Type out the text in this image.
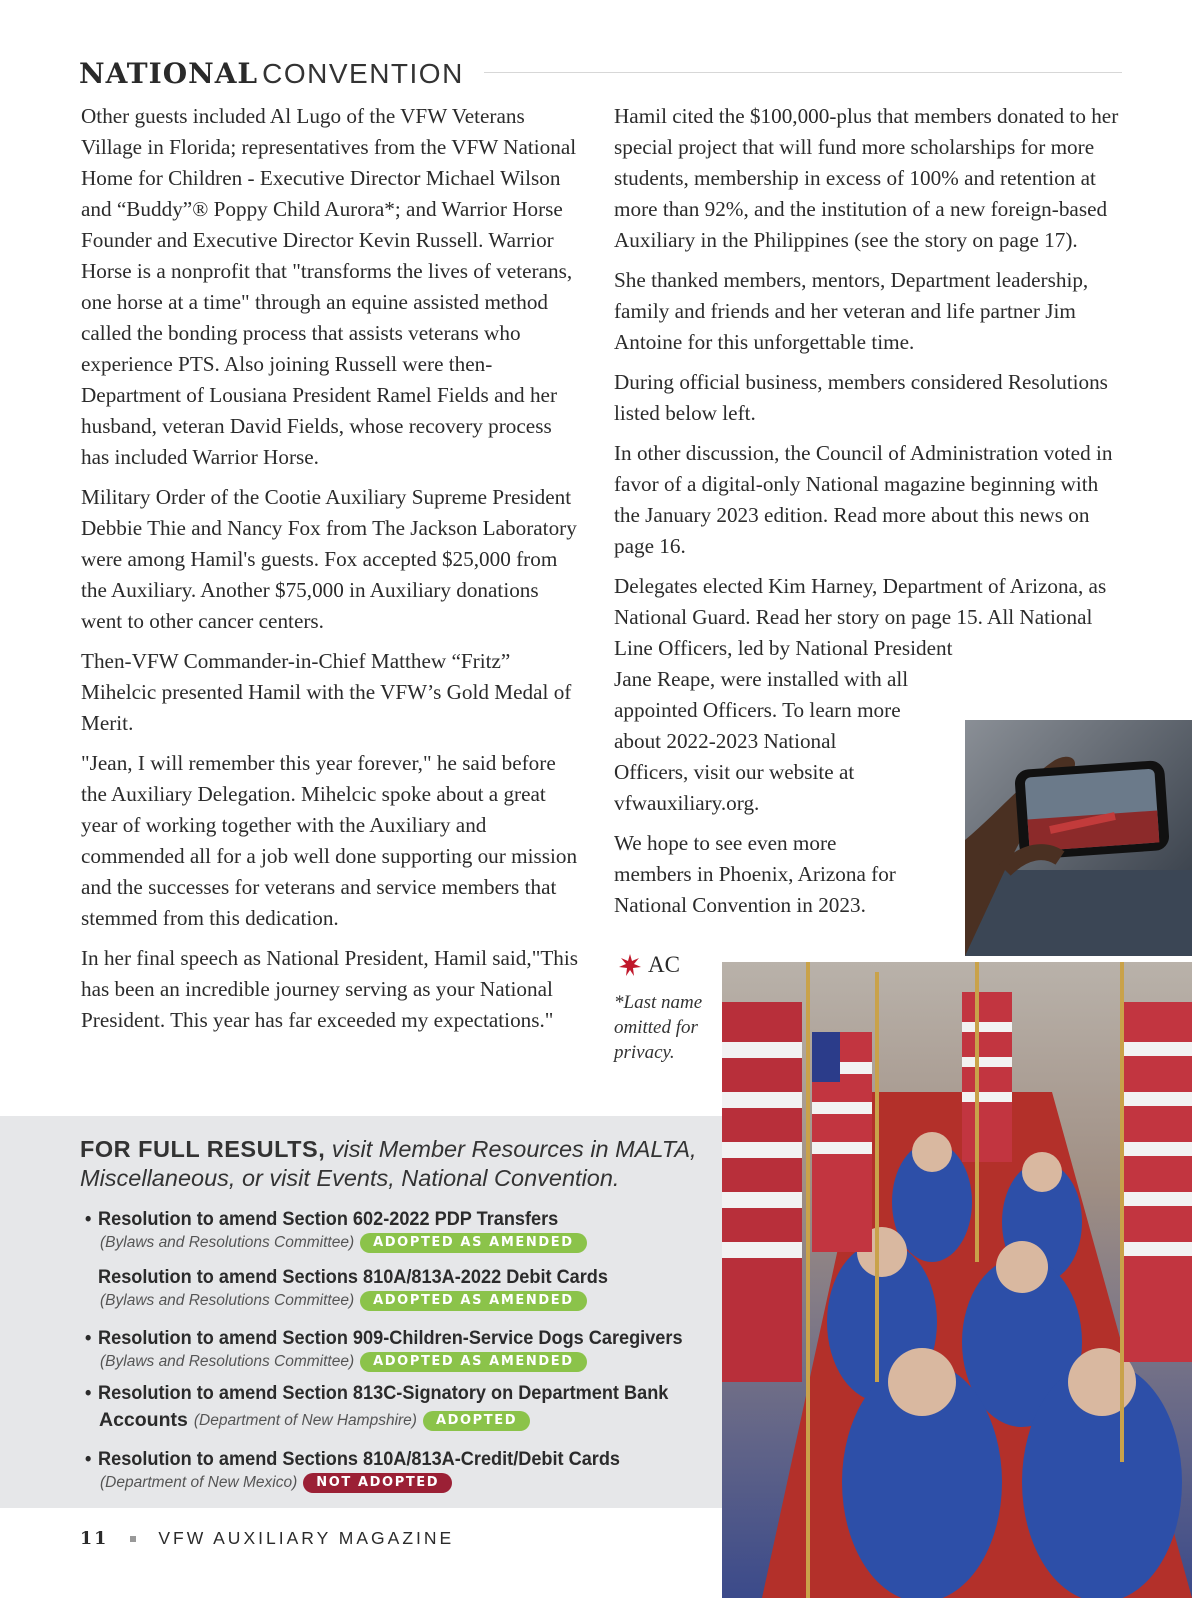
NATIONAL CONVENTION

Other guests included Al Lugo of the VFW Veterans Village in Florida; representatives from the VFW National Home for Children - Executive Director Michael Wilson and “Buddy”® Poppy Child Aurora*; and Warrior Horse Founder and Executive Director Kevin Russell. Warrior Horse is a nonprofit that "transforms the lives of veterans, one horse at a time" through an equine assisted method called the bonding process that assists veterans who experience PTS. Also joining Russell were then-Department of Lousiana President Ramel Fields and her husband, veteran David Fields, whose recovery process has included Warrior Horse.

Military Order of the Cootie Auxiliary Supreme President Debbie Thie and Nancy Fox from The Jackson Laboratory were among Hamil's guests. Fox accepted $25,000 from the Auxiliary. Another $75,000 in Auxiliary donations went to other cancer centers.

Then-VFW Commander-in-Chief Matthew “Fritz” Mihelcic presented Hamil with the VFW’s Gold Medal of Merit.

"Jean, I will remember this year forever," he said before the Auxiliary Delegation. Mihelcic spoke about a great year of working together with the Auxiliary and commended all for a job well done supporting our mission and the successes for veterans and service members that stemmed from this dedication.

In her final speech as National President, Hamil said,"This has been an incredible journey serving as your National President. This year has far exceeded my expectations."

Hamil cited the $100,000-plus that members donated to her special project that will fund more scholarships for more students, membership in excess of 100% and retention at more than 92%, and the institution of a new foreign-based Auxiliary in the Philippines (see the story on page 17).

She thanked members, mentors, Department leadership, family and friends and her veteran and life partner Jim Antoine for this unforgettable time.

During official business, members considered Resolutions listed below left.

In other discussion, the Council of Administration voted in favor of a digital-only National magazine beginning with the January 2023 edition. Read more about this news on page 16.

Delegates elected Kim Harney, Department of Arizona, as National Guard. Read her story on page 15. All National Line Officers, led by National President

Jane Reape, were installed with all appointed Officers. To learn more about 2022-2023 National Officers, visit our website at vfwauxiliary.org.

We hope to see even more members in Phoenix, Arizona for National Convention in 2023.

AC
*Last name omitted for privacy.
FOR FULL RESULTS, visit Member Resources in MALTA, Miscellaneous, or visit Events, National Convention.
• Resolution to amend Section 602-2022 PDP Transfers
(Bylaws and Resolutions Committee)	ADOPTED AS AMENDED
Resolution to amend Sections 810A/813A-2022 Debit Cards
(Bylaws and Resolutions Committee)	ADOPTED AS AMENDED
• Resolution to amend Section 909-Children-Service Dogs Caregivers
(Bylaws and Resolutions Committee)	ADOPTED AS AMENDED
• Resolution to amend Section 813C-Signatory on Department Bank
Accounts (Department of New Hampshire)	ADOPTED
• Resolution to amend Sections 810A/813A-Credit/Debit Cards
(Department of New Mexico)	NOT ADOPTED
11	VFW AUXILIARY MAGAZINE
